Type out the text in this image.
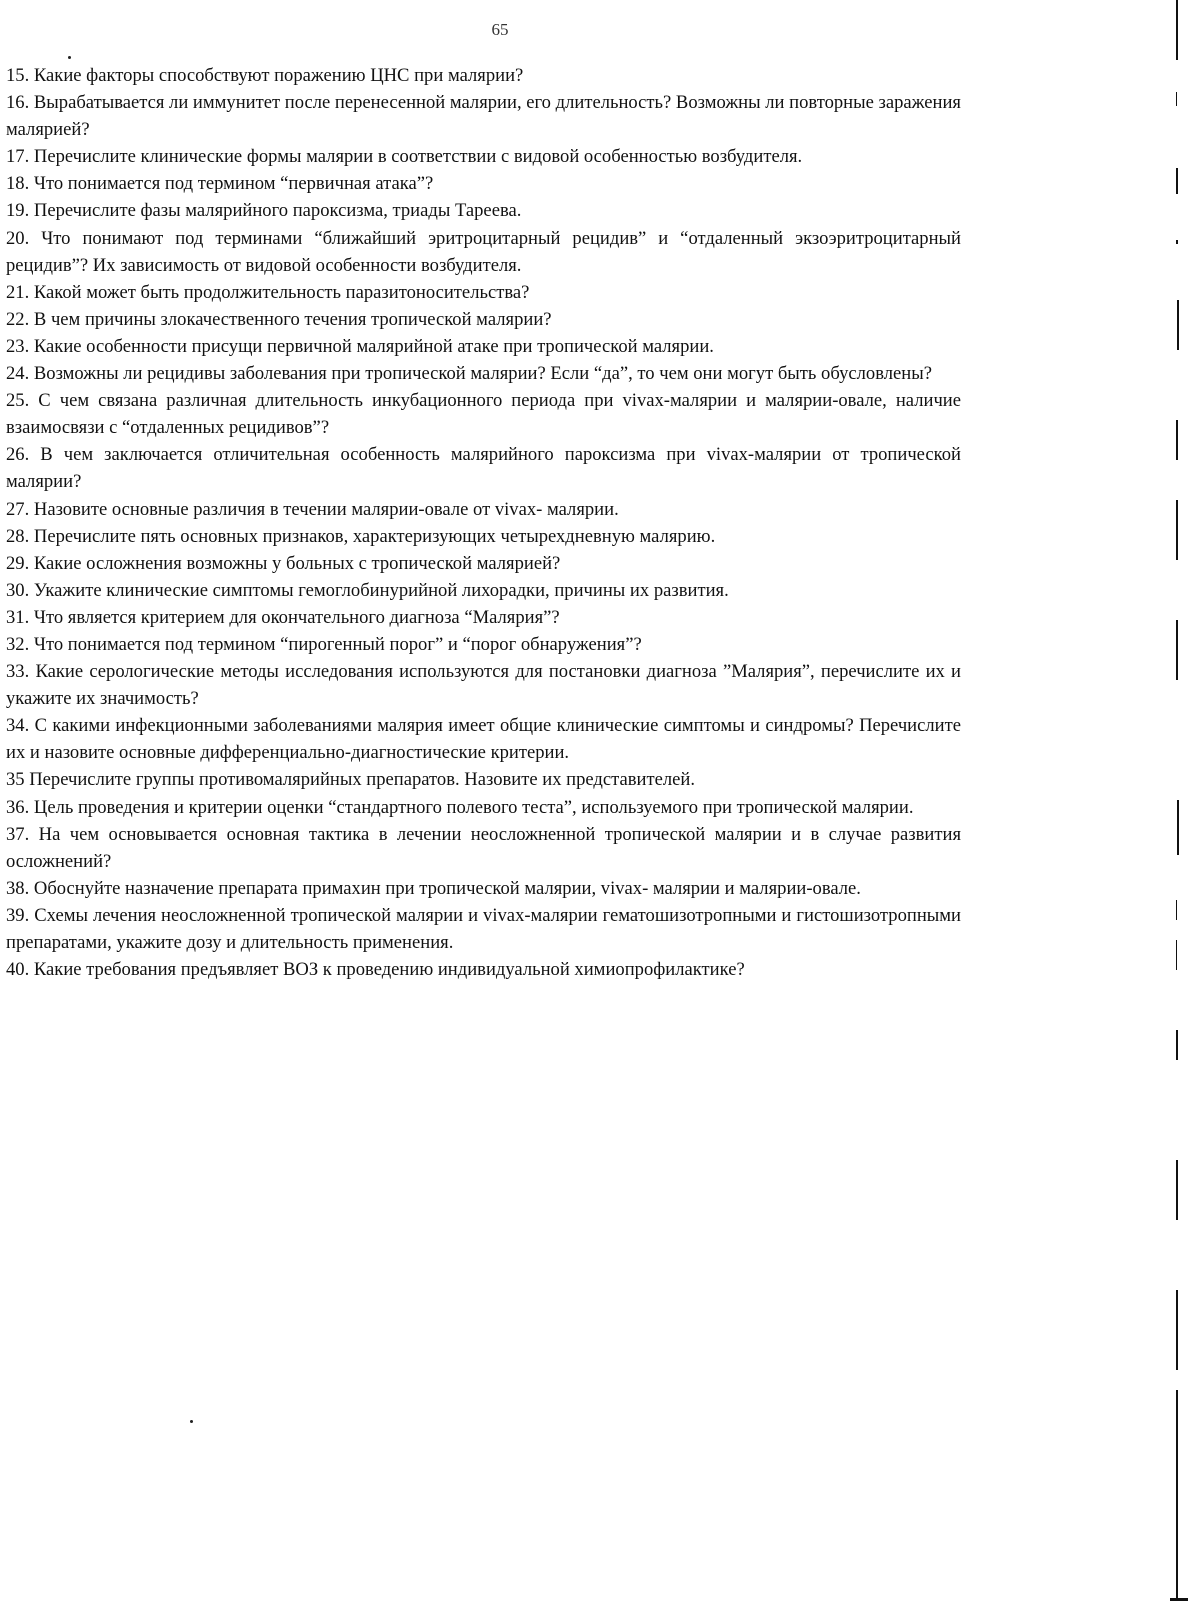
65
15. Какие факторы способствуют поражению ЦНС при малярии?
16. Вырабатывается ли иммунитет после перенесенной малярии, его длительность? Возможны ли повторные заражения малярией?
17. Перечислите клинические формы малярии в соответствии с видовой особенностью возбудителя.
18. Что понимается под термином “первичная атака”?
19. Перечислите фазы малярийного пароксизма, триады Тареева.
20. Что понимают под терминами “ближайший эритроцитарный рецидив” и “отдаленный экзоэритроцитарный рецидив”? Их зависимость от видовой особенности возбудителя.
21. Какой может быть продолжительность паразитоносительства?
22. В чем причины злокачественного течения тропической малярии?
23. Какие особенности присущи первичной малярийной атаке при тропической малярии.
24. Возможны ли рецидивы заболевания при тропической малярии? Если “да”, то чем они могут быть обусловлены?
25. С чем связана различная длительность инкубационного периода при vivax-малярии и малярии-овале, наличие взаимосвязи с “отдаленных рецидивов”?
26. В чем заключается отличительная особенность малярийного пароксизма при vivax-малярии от тропической малярии?
27. Назовите основные различия в течении малярии-овале от vivax- малярии.
28. Перечислите пять основных признаков, характеризующих четырехдневную малярию.
29. Какие осложнения возможны у больных с тропической малярией?
30. Укажите клинические симптомы гемоглобинурийной лихорадки, причины их развития.
31. Что является критерием для окончательного диагноза “Малярия”?
32. Что понимается под термином “пирогенный порог” и “порог обнаружения”?
33. Какие серологические методы исследования используются для постановки диагноза ”Малярия”, перечислите их и укажите их значимость?
34. С какими инфекционными заболеваниями малярия имеет общие клинические симптомы и синдромы? Перечислите их и назовите основные дифференциально-диагностические критерии.
35 Перечислите группы противомалярийных препаратов. Назовите их представителей.
36. Цель проведения и критерии оценки “стандартного полевого теста”, используемого при тропической малярии.
37. На чем основывается основная тактика в лечении неосложненной тропической малярии и в случае развития осложнений?
38. Обоснуйте назначение препарата примахин при тропической малярии, vivax- малярии и малярии-овале.
39. Схемы лечения неосложненной тропической малярии и vivax-малярии гематошизотропными и гистошизотропными препаратами, укажите дозу и длительность применения.
40. Какие требования предъявляет ВОЗ к проведению индивидуальной химиопрофилактике?
